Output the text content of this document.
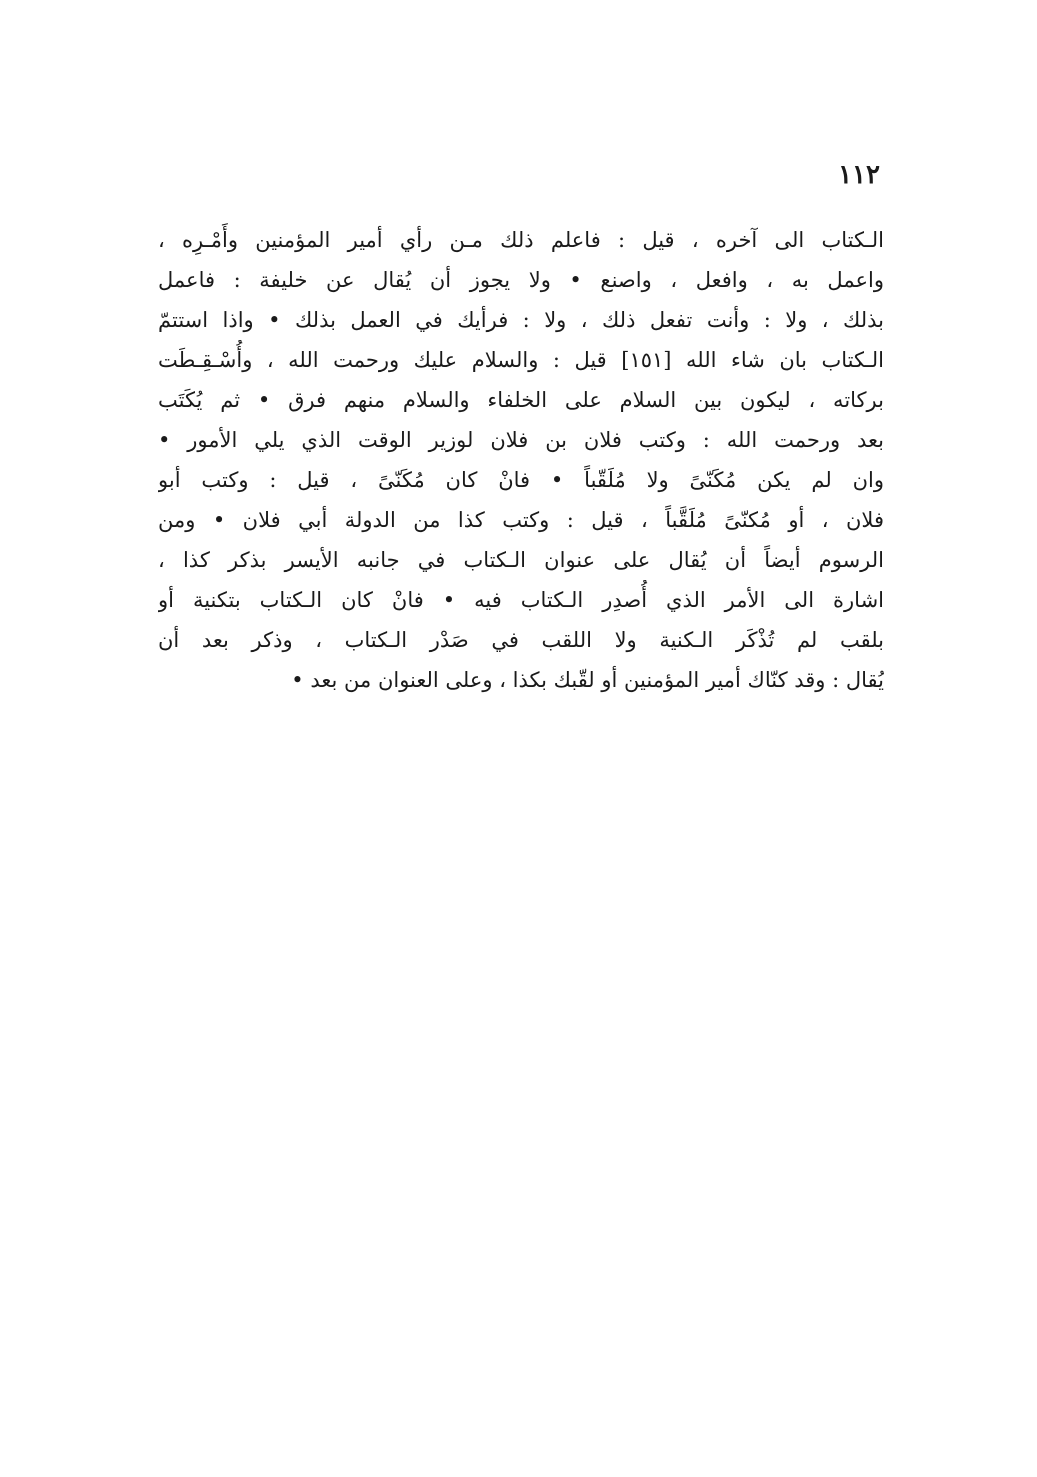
١١٢
الـكتاب الى آخره ، قيل : فاعلم ذلك مـن رأي أمير المؤمنين وأَمْـرِه ،
واعمل به ، وافعل ، واصنع • ولا يجوز أن يُقال عن خليفة : فاعمل
بذلك ، ولا : وأنت تفعل ذلك ، ولا : فرأيك في العمل بذلك • واذا استتمّ
الـكتاب بان شاء الله [١٥١] قيل : والسلام عليك ورحمت الله ، وأُسْـقِـطَت
بركاته ، ليكون بين السلام على الخلفاء والسلام منهم فرق • ثم يُكَتَب
بعد ورحمت الله : وكتب فلان بن فلان لوزير الوقت الذي يلي الأمور •
وان لم يكن مُكَنّىً ولا مُلَقّباً • فانْ كان مُكَنّىً ، قيل : وكتب أبو
فلان ، أو مُكنّىً مُلَقَّباً ، قيل : وكتب كذا من الدولة أبي فلان • ومن
الرسوم أيضاً أن يُقال على عنوان الـكتاب في جانبه الأيسر بذكر كذا ،
اشارة الى الأمر الذي أُصدِر الـكتاب فيه • فانْ كان الـكتاب بتكنية أو
بلقب لم تُذْكَر الـكنية ولا اللقب في صَدْر الـكتاب ، وذكر بعد أن
يُقال : وقد كنّاك أمير المؤمنين أو لقّبك بكذا ، وعلى العنوان من بعد •
